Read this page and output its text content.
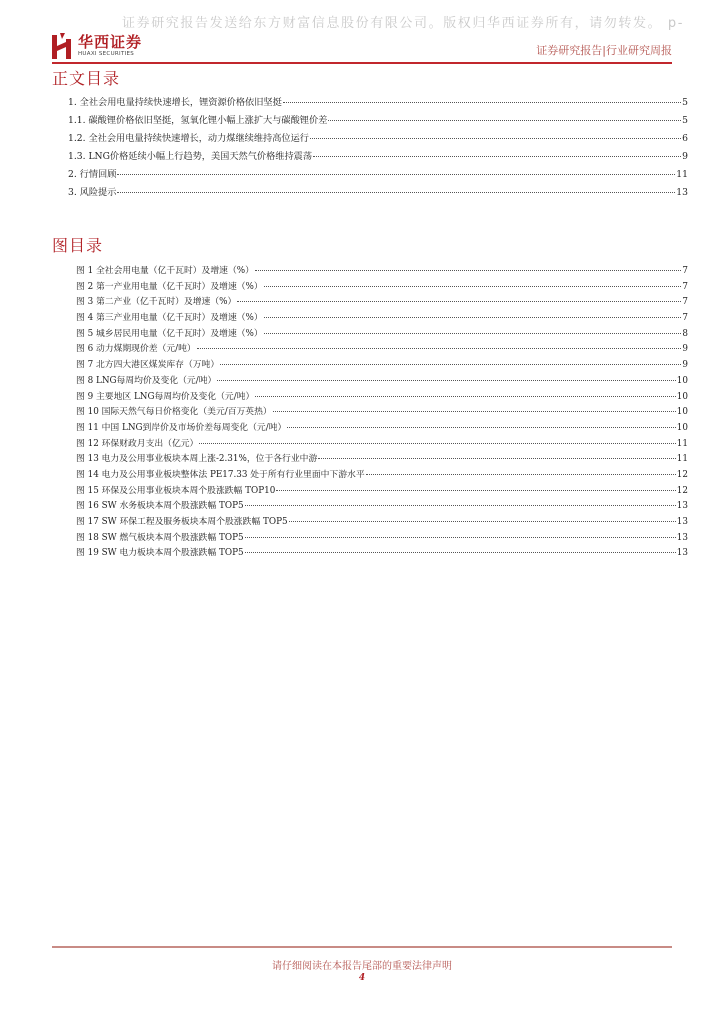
证券研究报告发送给东方财富信息股份有限公司。版权归华西证券所有，请勿转发。 p-
华西证券
HUAXI SECURITIES	证券研究报告|行业研究周报
正文目录
1. 全社会用电量持续快速增长，锂资源价格依旧坚挺	5
1.1. 碳酸锂价格依旧坚挺，氢氧化锂小幅上涨扩大与碳酸锂价差	5
1.2. 全社会用电量持续快速增长，动力煤继续维持高位运行	6
1.3. LNG价格延续小幅上行趋势，美国天然气价格维持震荡	9
2. 行情回顾	11
3. 风险提示	13
图目录
图 1 全社会用电量（亿千瓦时）及增速（%）	7
图 2 第一产业用电量（亿千瓦时）及增速（%）	7
图 3 第二产业（亿千瓦时）及增速（%）	7
图 4 第三产业用电量（亿千瓦时）及增速（%）	7
图 5 城乡居民用电量（亿千瓦时）及增速（%）	8
图 6 动力煤期现价差（元/吨）	9
图 7 北方四大港区煤炭库存（万吨）	9
图 8 LNG每周均价及变化（元/吨）	10
图 9 主要地区 LNG每周均价及变化（元/吨）	10
图 10 国际天然气每日价格变化（美元/百万英热）	10
图 11 中国 LNG到岸价及市场价差每周变化（元/吨）	10
图 12 环保财政月支出（亿元）	11
图 13 电力及公用事业板块本周上涨-2.31%，位于各行业中游	11
图 14 电力及公用事业板块整体法 PE17.33 处于所有行业里面中下游水平	12
图 15 环保及公用事业板块本周个股涨跌幅 TOP10	12
图 16 SW 水务板块本周个股涨跌幅 TOP5	13
图 17 SW 环保工程及服务板块本周个股涨跌幅 TOP5	13
图 18 SW 燃气板块本周个股涨跌幅 TOP5	13
图 19 SW 电力板块本周个股涨跌幅 TOP5	13
请仔细阅读在本报告尾部的重要法律声明
4
